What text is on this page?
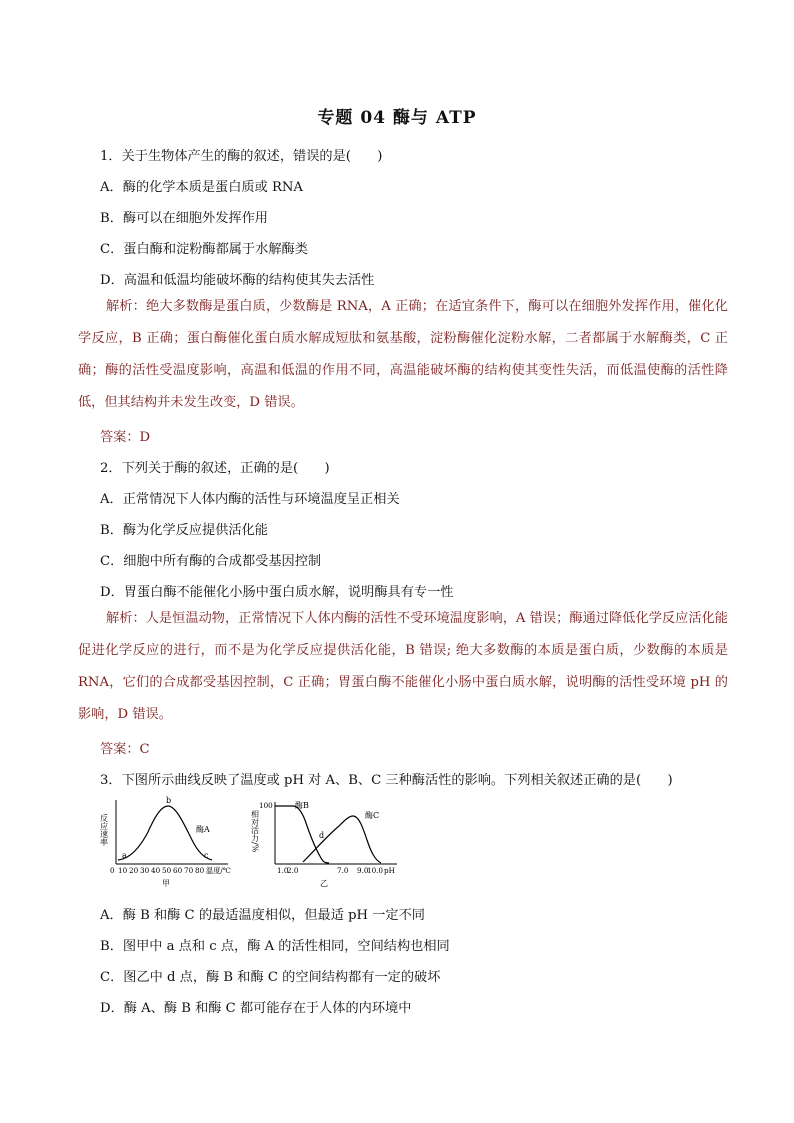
专题 04 酶与 ATP
1．关于生物体产生的酶的叙述，错误的是(　　)
A．酶的化学本质是蛋白质或 RNA
B．酶可以在细胞外发挥作用
C．蛋白酶和淀粉酶都属于水解酶类
D．高温和低温均能破坏酶的结构使其失去活性
解析：绝大多数酶是蛋白质，少数酶是 RNA，A 正确；在适宜条件下，酶可以在细胞外发挥作用，催化化学反应，B 正确；蛋白酶催化蛋白质水解成短肽和氨基酸，淀粉酶催化淀粉水解，二者都属于水解酶类，C 正确；酶的活性受温度影响，高温和低温的作用不同，高温能破坏酶的结构使其变性失活，而低温使酶的活性降低，但其结构并未发生改变，D 错误。
答案：D
2．下列关于酶的叙述，正确的是(　　)
A．正常情况下人体内酶的活性与环境温度呈正相关
B．酶为化学反应提供活化能
C．细胞中所有酶的合成都受基因控制
D．胃蛋白酶不能催化小肠中蛋白质水解，说明酶具有专一性
解析：人是恒温动物，正常情况下人体内酶的活性不受环境温度影响，A 错误；酶通过降低化学反应活化能促进化学反应的进行，而不是为化学反应提供活化能，B 错误; 绝大多数酶的本质是蛋白质，少数酶的本质是 RNA，它们的合成都受基因控制，C 正确；胃蛋白酶不能催化小肠中蛋白质水解，说明酶的活性受环境 pH 的影响，D 错误。
答案：C
3．下图所示曲线反映了温度或 pH 对 A、B、C 三种酶活性的影响。下列相关叙述正确的是(　　)
反应速率
a
b
c
酶A
0 10 20 30 40 50 60 70 80 温度/℃
甲
相对活力/%
100	酶B
酶C
d
1.0
2.0	7.0 9.0
10.0 pH
乙
A．酶 B 和酶 C 的最适温度相似，但最适 pH 一定不同
B．图甲中 a 点和 c 点，酶 A 的活性相同，空间结构也相同
C．图乙中 d 点，酶 B 和酶 C 的空间结构都有一定的破坏
D．酶 A、酶 B 和酶 C 都可能存在于人体的内环境中
